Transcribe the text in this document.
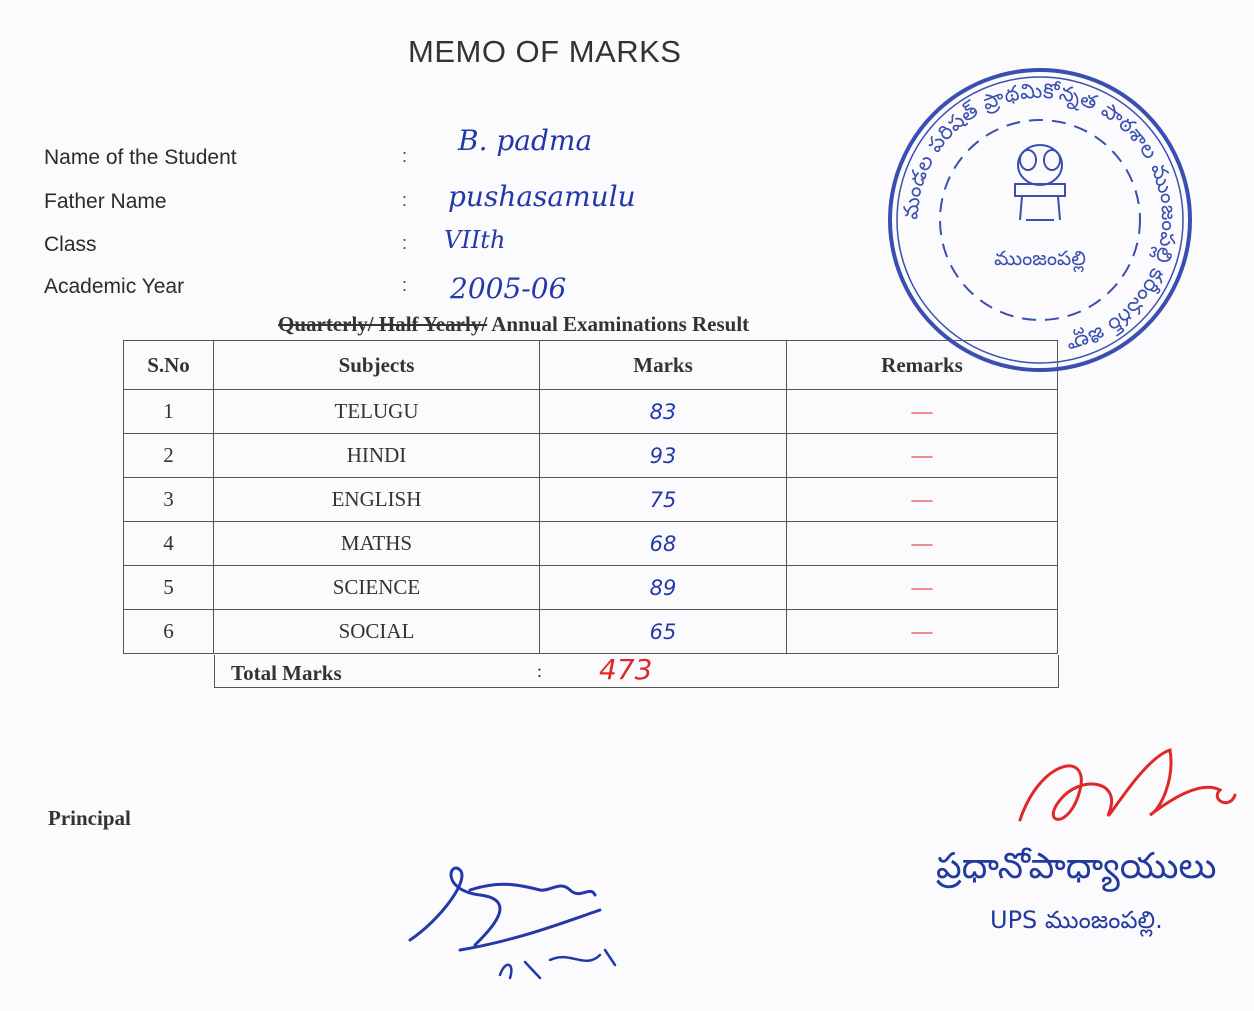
MEMO OF MARKS
Name of the Student	: B. padma
Father Name	: pushasamulu
Class	: VIIth
Academic Year	: 2005-06
Quarterly/ Half Yearly/ Annual Examinations Result
S.No	Subjects	Marks	Remarks
1	TELUGU	83	—
2	HINDI	93	—
3	ENGLISH	75	—
4	MATHS	68	—
5	SCIENCE	89	—
6	SOCIAL	65	—
Total Marks	: 473
Principal
మండల పరిషత్ ప్రాథమికోన్నత పాఠశాల ముంజంపల్లి కరీంనగర్ జిల్లా
ముంజంపల్లి
ప్రధానోపాధ్యాయులు
UPS ముంజంపల్లి.
